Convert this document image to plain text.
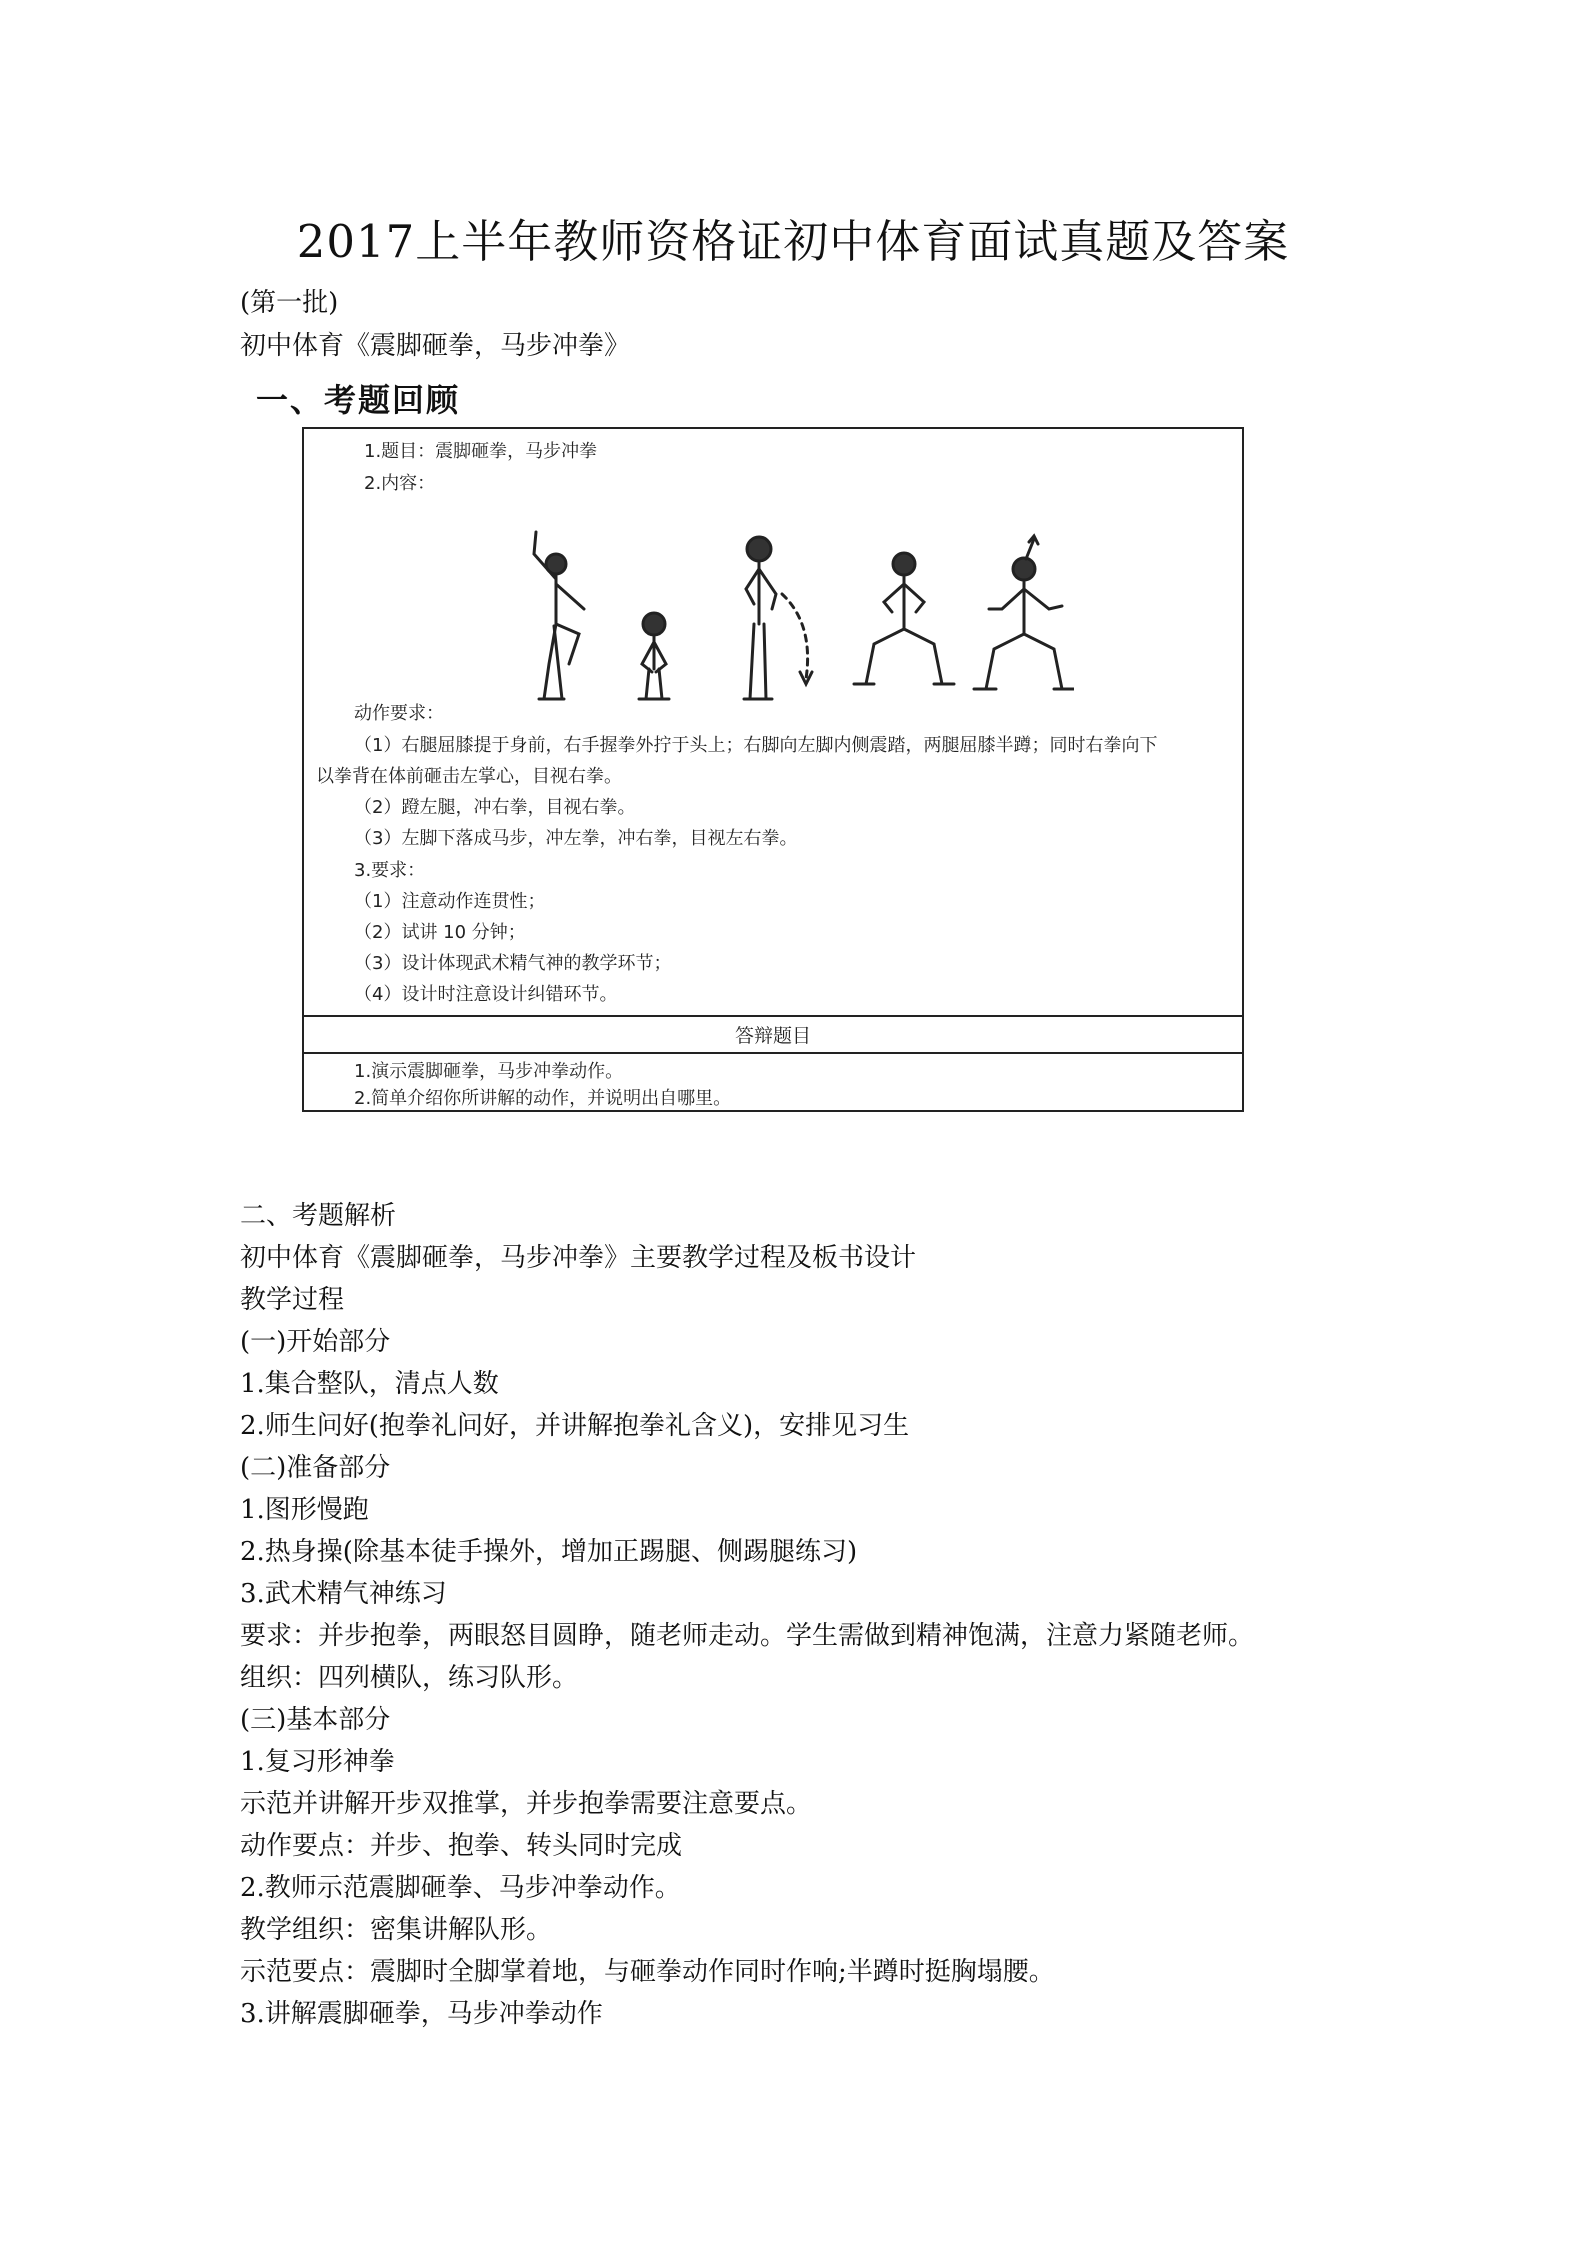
2017上半年教师资格证初中体育面试真题及答案
(第一批)
初中体育《震脚砸拳，马步冲拳》
一、考题回顾
1.题目：震脚砸拳，马步冲拳
2.内容：
动作要求：
（1）右腿屈膝提于身前，右手握拳外拧于头上；右脚向左脚内侧震踏，两腿屈膝半蹲；同时右拳向下
以拳背在体前砸击左掌心，目视右拳。
（2）蹬左腿，冲右拳，目视右拳。
（3）左脚下落成马步，冲左拳，冲右拳，目视左右拳。
3.要求：
（1）注意动作连贯性；
（2）试讲 10 分钟；
（3）设计体现武术精气神的教学环节；
（4）设计时注意设计纠错环节。
答辩题目
1.演示震脚砸拳，马步冲拳动作。
2.简单介绍你所讲解的动作，并说明出自哪里。
二、考题解析
初中体育《震脚砸拳，马步冲拳》主要教学过程及板书设计
教学过程
(一)开始部分
1.集合整队，清点人数
2.师生问好(抱拳礼问好，并讲解抱拳礼含义)，安排见习生
(二)准备部分
1.图形慢跑
2.热身操(除基本徒手操外，增加正踢腿、侧踢腿练习)
3.武术精气神练习
要求：并步抱拳，两眼怒目圆睁，随老师走动。学生需做到精神饱满，注意力紧随老师。
组织：四列横队，练习队形。
(三)基本部分
1.复习形神拳
示范并讲解开步双推掌，并步抱拳需要注意要点。
动作要点：并步、抱拳、转头同时完成
2.教师示范震脚砸拳、马步冲拳动作。
教学组织：密集讲解队形。
示范要点：震脚时全脚掌着地，与砸拳动作同时作响;半蹲时挺胸塌腰。
3.讲解震脚砸拳，马步冲拳动作
